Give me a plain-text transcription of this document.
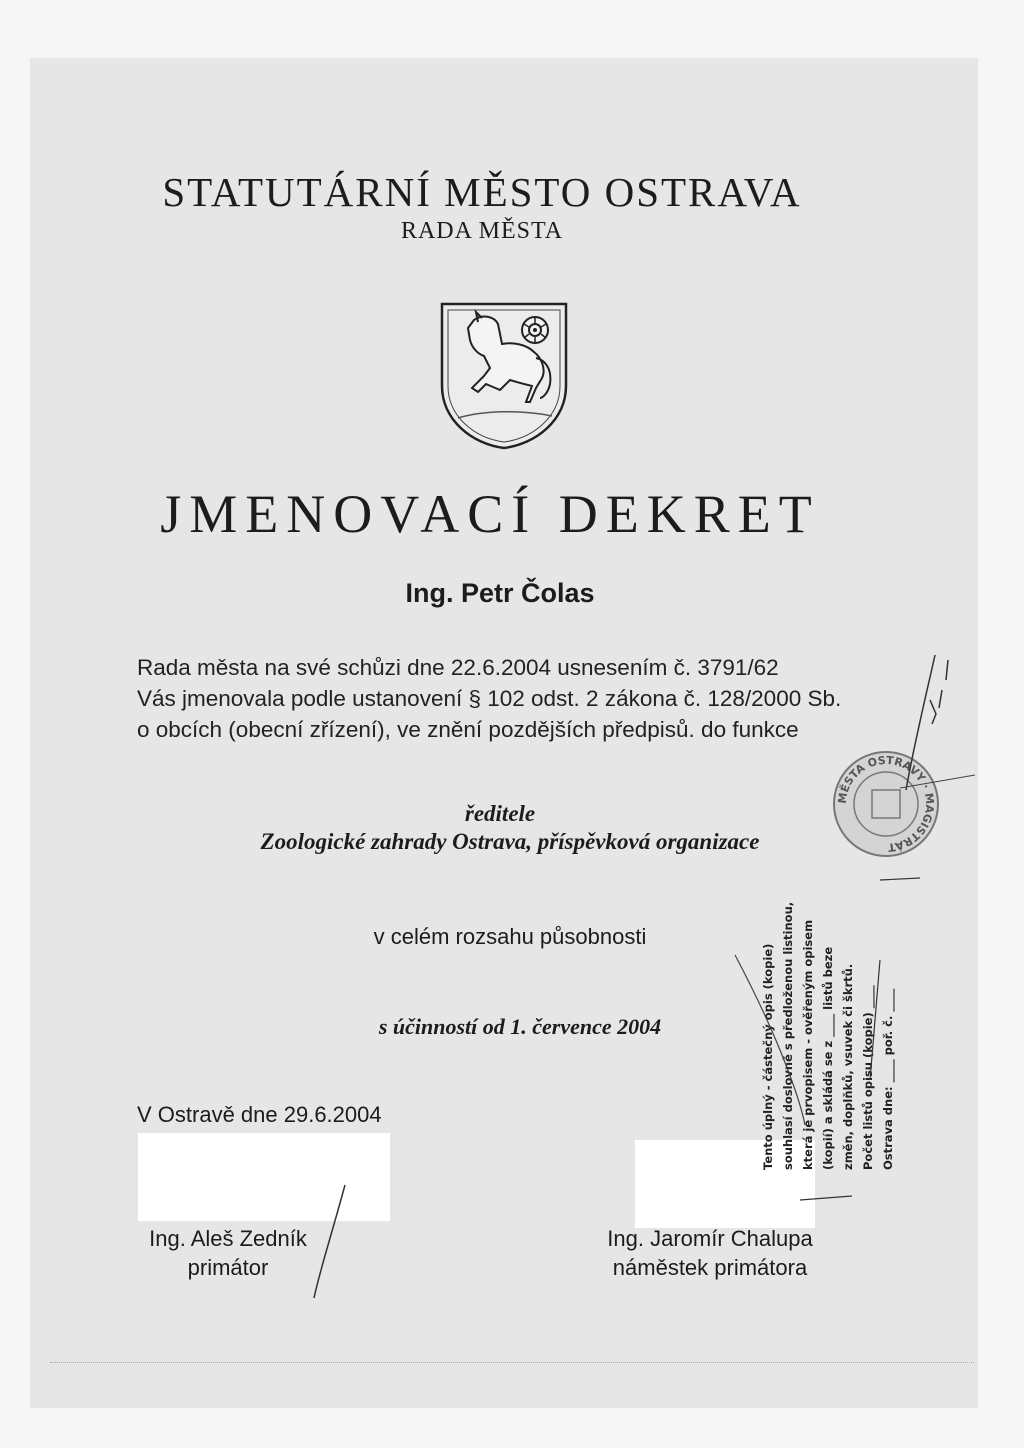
STATUTÁRNÍ MĚSTO OSTRAVA
RADA MĚSTA
JMENOVACÍ DEKRET
Ing. Petr Čolas
Rada města na své schůzi dne 22.6.2004 usnesením č. 3791/62
Vás jmenovala podle ustanovení § 102 odst. 2 zákona č. 128/2000 Sb.
o obcích (obecní zřízení), ve znění pozdějších předpisů. do funkce
ředitele
Zoologické zahrady Ostrava, příspěvková organizace
v celém rozsahu působnosti
s účinností od 1. července 2004
V Ostravě dne 29.6.2004
Ing. Aleš Zedník
primátor
Ing. Jaromír Chalupa
náměstek primátora
Tento úplný - částečný opis (kopie) souhlasí doslovně s předloženou listinou, která je prvopisem - ověřeným opisem (kopií) a skládá se z ____ listů beze změn, doplňků, vsuvek či škrtů. Počet listů opisu (kopie) ____ Ostrava dne: ____ poř. č. ____
MĚSTA OSTRAVY · MAGISTRÁT
